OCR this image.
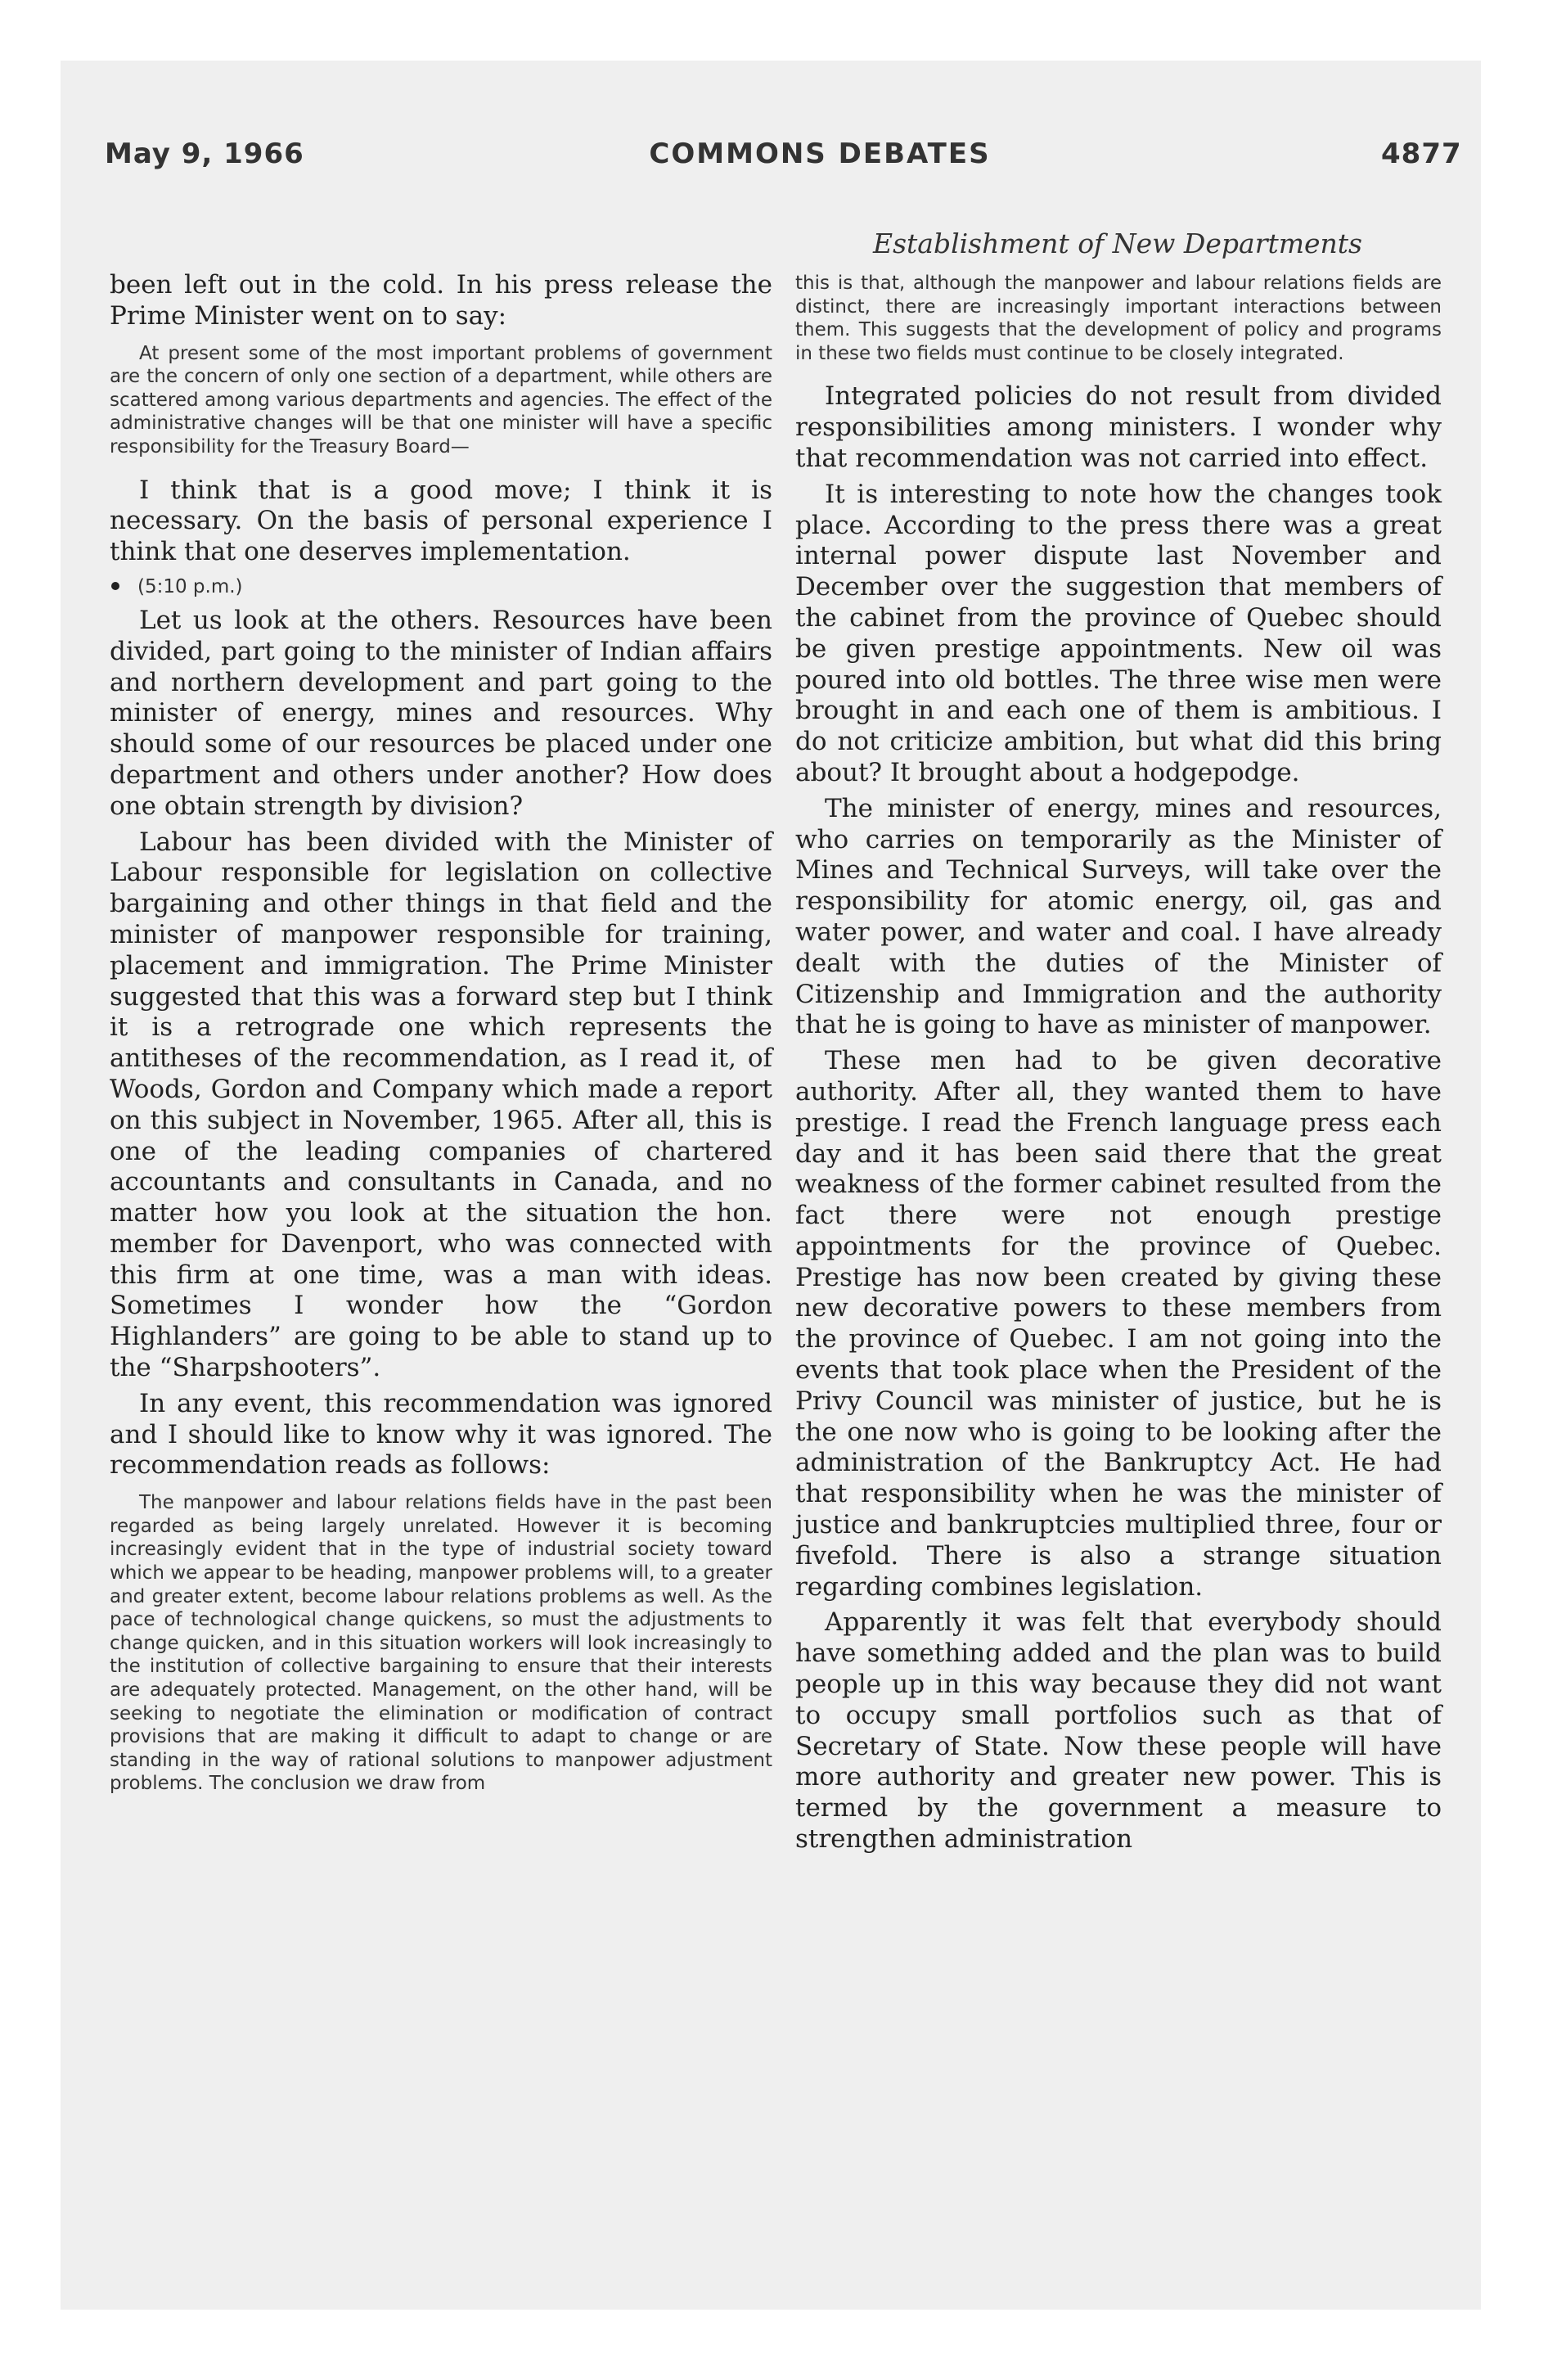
May 9, 1966	COMMONS DEBATES	4877
Establishment of New Departments

been left out in the cold. In his press release the Prime Minister went on to say:

At present some of the most important problems of government are the concern of only one section of a department, while others are scattered among various departments and agencies. The effect of the administrative changes will be that one minister will have a specific responsibility for the Treasury Board—

I think that is a good move; I think it is necessary. On the basis of personal experience I think that one deserves implementation.

(5:10 p.m.)

Let us look at the others. Resources have been divided, part going to the minister of Indian affairs and northern development and part going to the minister of energy, mines and resources. Why should some of our resources be placed under one department and others under another? How does one obtain strength by division?

Labour has been divided with the Minister of Labour responsible for legislation on collective bargaining and other things in that field and the minister of manpower responsible for training, placement and immigration. The Prime Minister suggested that this was a forward step but I think it is a retrograde one which represents the antitheses of the recommendation, as I read it, of Woods, Gordon and Company which made a report on this subject in November, 1965. After all, this is one of the leading companies of chartered accountants and consultants in Canada, and no matter how you look at the situation the hon. member for Davenport, who was connected with this firm at one time, was a man with ideas. Sometimes I wonder how the “Gordon Highlanders” are going to be able to stand up to the “Sharpshooters”.

In any event, this recommendation was ignored and I should like to know why it was ignored. The recommendation reads as follows:

The manpower and labour relations fields have in the past been regarded as being largely unrelated. However it is becoming increasingly evident that in the type of industrial society toward which we appear to be heading, manpower problems will, to a greater and greater extent, become labour relations problems as well. As the pace of technological change quickens, so must the adjustments to change quicken, and in this situation workers will look increasingly to the institution of collective bargaining to ensure that their interests are adequately protected. Management, on the other hand, will be seeking to negotiate the elimination or modification of contract provisions that are making it difficult to adapt to change or are standing in the way of rational solutions to manpower adjustment problems. The conclusion we draw from

this is that, although the manpower and labour relations fields are distinct, there are increasingly important interactions between them. This suggests that the development of policy and programs in these two fields must continue to be closely integrated.

Integrated policies do not result from divided responsibilities among ministers. I wonder why that recommendation was not carried into effect.

It is interesting to note how the changes took place. According to the press there was a great internal power dispute last November and December over the suggestion that members of the cabinet from the province of Quebec should be given prestige appointments. New oil was poured into old bottles. The three wise men were brought in and each one of them is ambitious. I do not criticize ambition, but what did this bring about? It brought about a hodgepodge.

The minister of energy, mines and resources, who carries on temporarily as the Minister of Mines and Technical Surveys, will take over the responsibility for atomic energy, oil, gas and water power, and water and coal. I have already dealt with the duties of the Minister of Citizenship and Immigration and the authority that he is going to have as minister of manpower.

These men had to be given decorative authority. After all, they wanted them to have prestige. I read the French language press each day and it has been said there that the great weakness of the former cabinet resulted from the fact there were not enough prestige appointments for the province of Quebec. Prestige has now been created by giving these new decorative powers to these members from the province of Quebec. I am not going into the events that took place when the President of the Privy Council was minister of justice, but he is the one now who is going to be looking after the administration of the Bankruptcy Act. He had that responsibility when he was the minister of justice and bankruptcies multiplied three, four or fivefold. There is also a strange situation regarding combines legislation.

Apparently it was felt that everybody should have something added and the plan was to build people up in this way because they did not want to occupy small portfolios such as that of Secretary of State. Now these people will have more authority and greater new power. This is termed by the government a measure to strengthen administration
